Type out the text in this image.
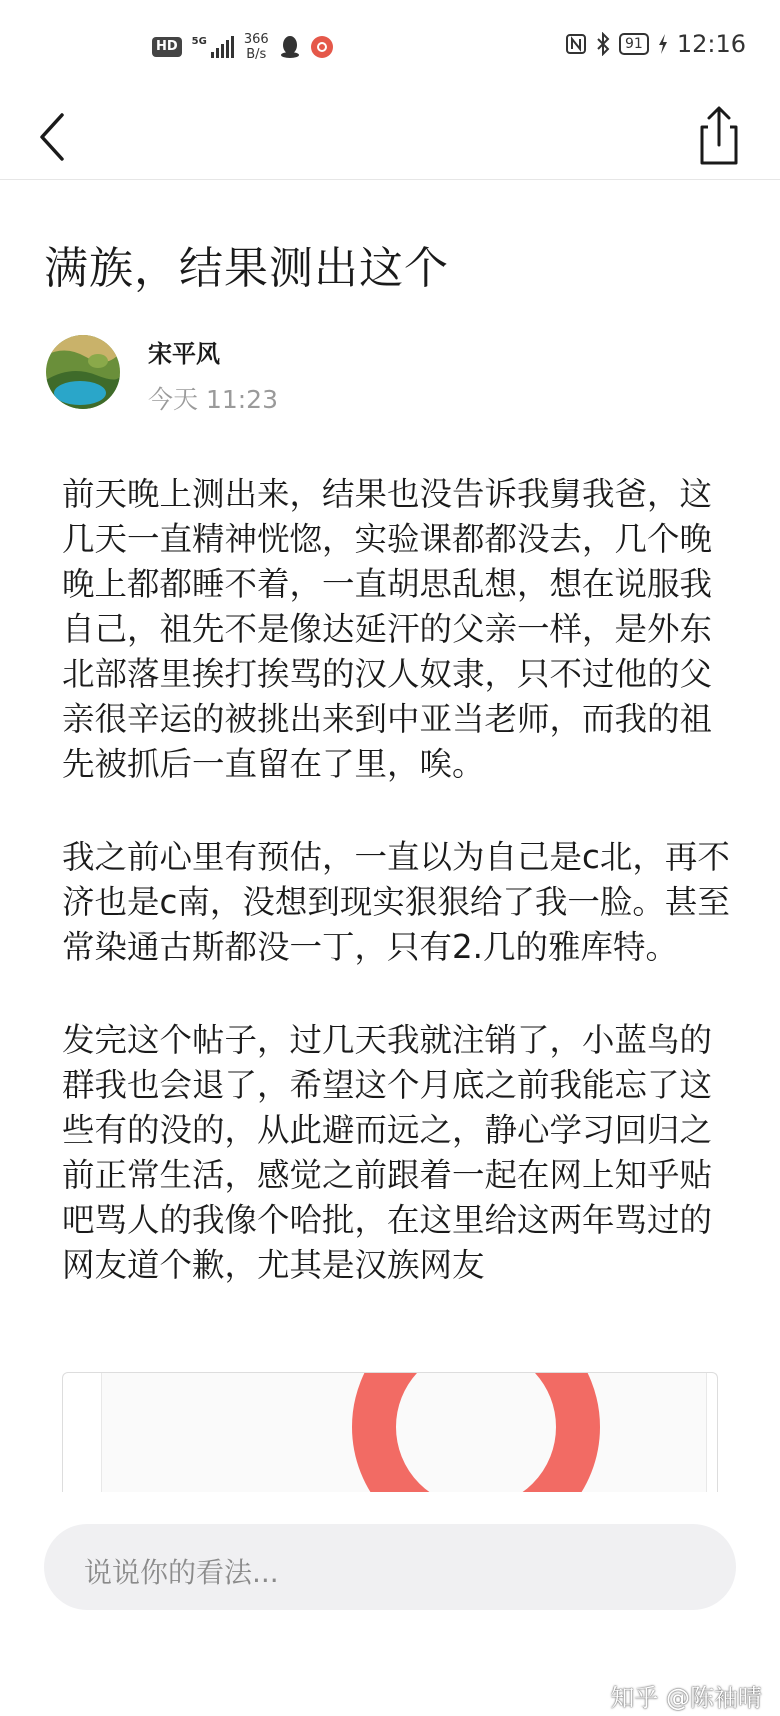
HD	5G	366
B/s
91 12:16
满族，结果测出这个
宋平风
今天 11:23

前天晚上测出来，结果也没告诉我舅我爸，这几天一直精神恍惚，实验课都都没去，几个晚晚上都都睡不着，一直胡思乱想，想在说服我自己，祖先不是像达延汗的父亲一样，是外东北部落里挨打挨骂的汉人奴隶，只不过他的父亲很辛运的被挑出来到中亚当老师，而我的祖先被抓后一直留在了里，唉。

我之前心里有预估，一直以为自己是c北，再不济也是c南，没想到现实狠狠给了我一脸。甚至常染通古斯都没一丁，只有2.几的雅库特。

发完这个帖子，过几天我就注销了，小蓝鸟的群我也会退了，希望这个月底之前我能忘了这些有的没的，从此避而远之，静心学习回归之前正常生活，感觉之前跟着一起在网上知乎贴吧骂人的我像个哈批，在这里给这两年骂过的网友道个歉，尤其是汉族网友

说说你的看法...
知乎 @陈袖晴
